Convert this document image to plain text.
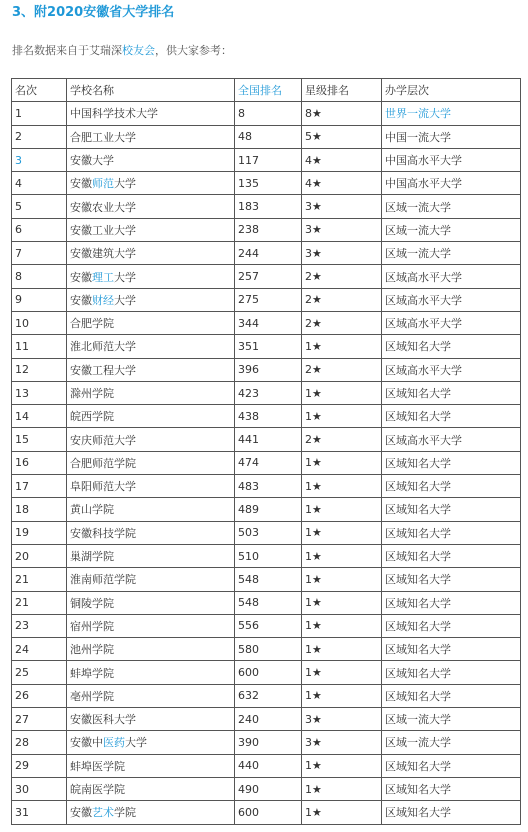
3、附2020安徽省大学排名
排名数据来自于艾瑞深校友会，供大家参考：
名次	学校名称	全国排名	星级排名	办学层次
1	中国科学技术大学	8	8★	世界一流大学
2	合肥工业大学	48	5★	中国一流大学
3	安徽大学	117	4★	中国高水平大学
4	安徽师范大学	135	4★	中国高水平大学
5	安徽农业大学	183	3★	区域一流大学
6	安徽工业大学	238	3★	区域一流大学
7	安徽建筑大学	244	3★	区域一流大学
8	安徽理工大学	257	2★	区域高水平大学
9	安徽财经大学	275	2★	区域高水平大学
10	合肥学院	344	2★	区域高水平大学
11	淮北师范大学	351	1★	区域知名大学
12	安徽工程大学	396	2★	区域高水平大学
13	滁州学院	423	1★	区域知名大学
14	皖西学院	438	1★	区域知名大学
15	安庆师范大学	441	2★	区域高水平大学
16	合肥师范学院	474	1★	区域知名大学
17	阜阳师范大学	483	1★	区域知名大学
18	黄山学院	489	1★	区域知名大学
19	安徽科技学院	503	1★	区域知名大学
20	巢湖学院	510	1★	区域知名大学
21	淮南师范学院	548	1★	区域知名大学
21	铜陵学院	548	1★	区域知名大学
23	宿州学院	556	1★	区域知名大学
24	池州学院	580	1★	区域知名大学
25	蚌埠学院	600	1★	区域知名大学
26	亳州学院	632	1★	区域知名大学
27	安徽医科大学	240	3★	区域一流大学
28	安徽中医药大学	390	3★	区域一流大学
29	蚌埠医学院	440	1★	区域知名大学
30	皖南医学院	490	1★	区域知名大学
31	安徽艺术学院	600	1★	区域知名大学
